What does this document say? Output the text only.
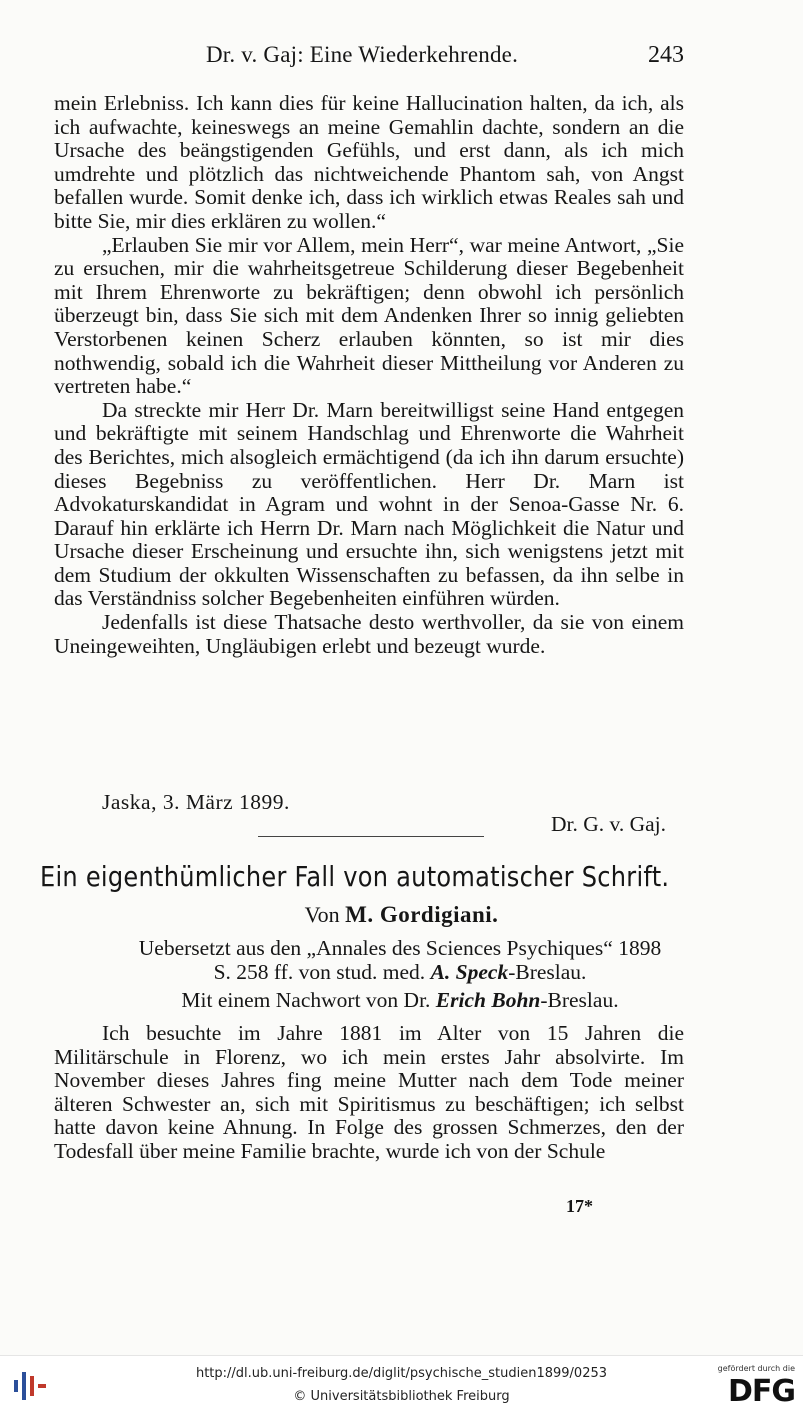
Dr. v. Gaj: Eine Wiederkehrende.	243

mein Erlebniss. Ich kann dies für keine Hallucination halten, da ich, als ich aufwachte, keineswegs an meine Gemahlin dachte, sondern an die Ursache des beängstigenden Gefühls, und erst dann, als ich mich umdrehte und plötzlich das nichtweichende Phantom sah, von Angst befallen wurde. Somit denke ich, dass ich wirklich etwas Reales sah und bitte Sie, mir dies erklären zu wollen.“

„Erlauben Sie mir vor Allem, mein Herr“, war meine Antwort, „Sie zu ersuchen, mir die wahrheitsgetreue Schilderung dieser Begebenheit mit Ihrem Ehrenworte zu bekräftigen; denn obwohl ich persönlich überzeugt bin, dass Sie sich mit dem Andenken Ihrer so innig geliebten Verstorbenen keinen Scherz erlauben könnten, so ist mir dies nothwendig, sobald ich die Wahrheit dieser Mittheilung vor Anderen zu vertreten habe.“

Da streckte mir Herr Dr. Marn bereitwilligst seine Hand entgegen und bekräftigte mit seinem Handschlag und Ehrenworte die Wahrheit des Berichtes, mich alsogleich ermächtigend (da ich ihn darum ersuchte) dieses Begebniss zu veröffentlichen. Herr Dr. Marn ist Advokaturskandidat in Agram und wohnt in der Senoa-Gasse Nr. 6. Darauf hin erklärte ich Herrn Dr. Marn nach Möglichkeit die Natur und Ursache dieser Erscheinung und ersuchte ihn, sich wenigstens jetzt mit dem Studium der okkulten Wissenschaften zu befassen, da ihn selbe in das Verständniss solcher Begebenheiten einführen würden.

Jedenfalls ist diese Thatsache desto werthvoller, da sie von einem Uneingeweihten, Ungläubigen erlebt und bezeugt wurde.

Jaska, 3. März 1899.
Dr. G. v. Gaj.
Ein eigenthümlicher Fall von automatischer Schrift.
Von M. Gordigiani.
Uebersetzt aus den „Annales des Sciences Psychiques“ 1898
S. 258 ff. von stud. med. A. Speck-Breslau.
Mit einem Nachwort von Dr. Erich Bohn-Breslau.

Ich besuchte im Jahre 1881 im Alter von 15 Jahren die Militärschule in Florenz, wo ich mein erstes Jahr absolvirte. Im November dieses Jahres fing meine Mutter nach dem Tode meiner älteren Schwester an, sich mit Spiritismus zu beschäftigen; ich selbst hatte davon keine Ahnung. In Folge des grossen Schmerzes, den der Todesfall über meine Familie brachte, wurde ich von der Schule

17*
http://dl.ub.uni-freiburg.de/diglit/psychische_studien1899/0253
© Universitätsbibliothek Freiburg
gefördert durch die
DFG
